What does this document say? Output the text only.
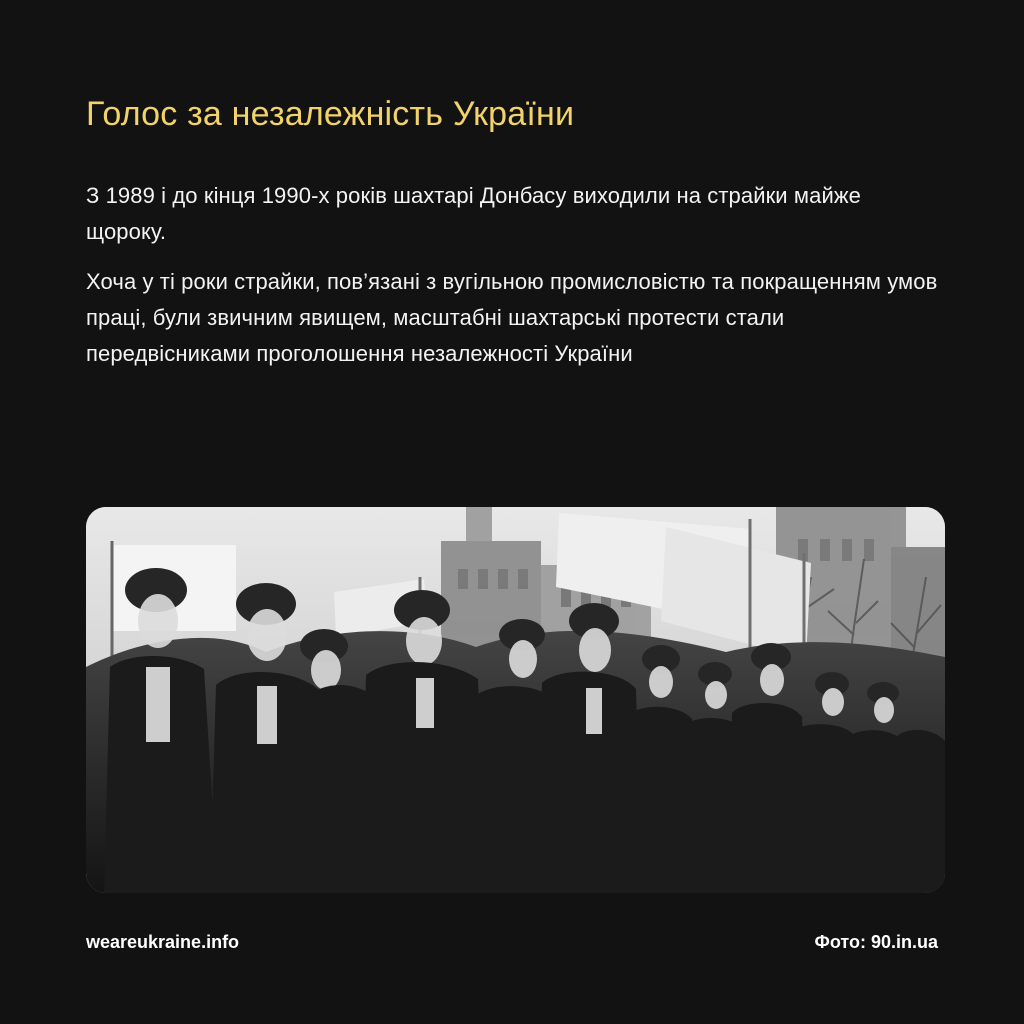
Голос за незалежність України

З 1989 і до кінця 1990-х років шахтарі Донбасу виходили на страйки майже щороку.

Хоча у ті роки страйки, пов’язані з вугільною промисловістю та покращенням умов праці, були звичним явищем, масштабні шахтарські протести стали передвісниками проголошення незалежності України

weareukraine.info	Фото: 90.in.ua
